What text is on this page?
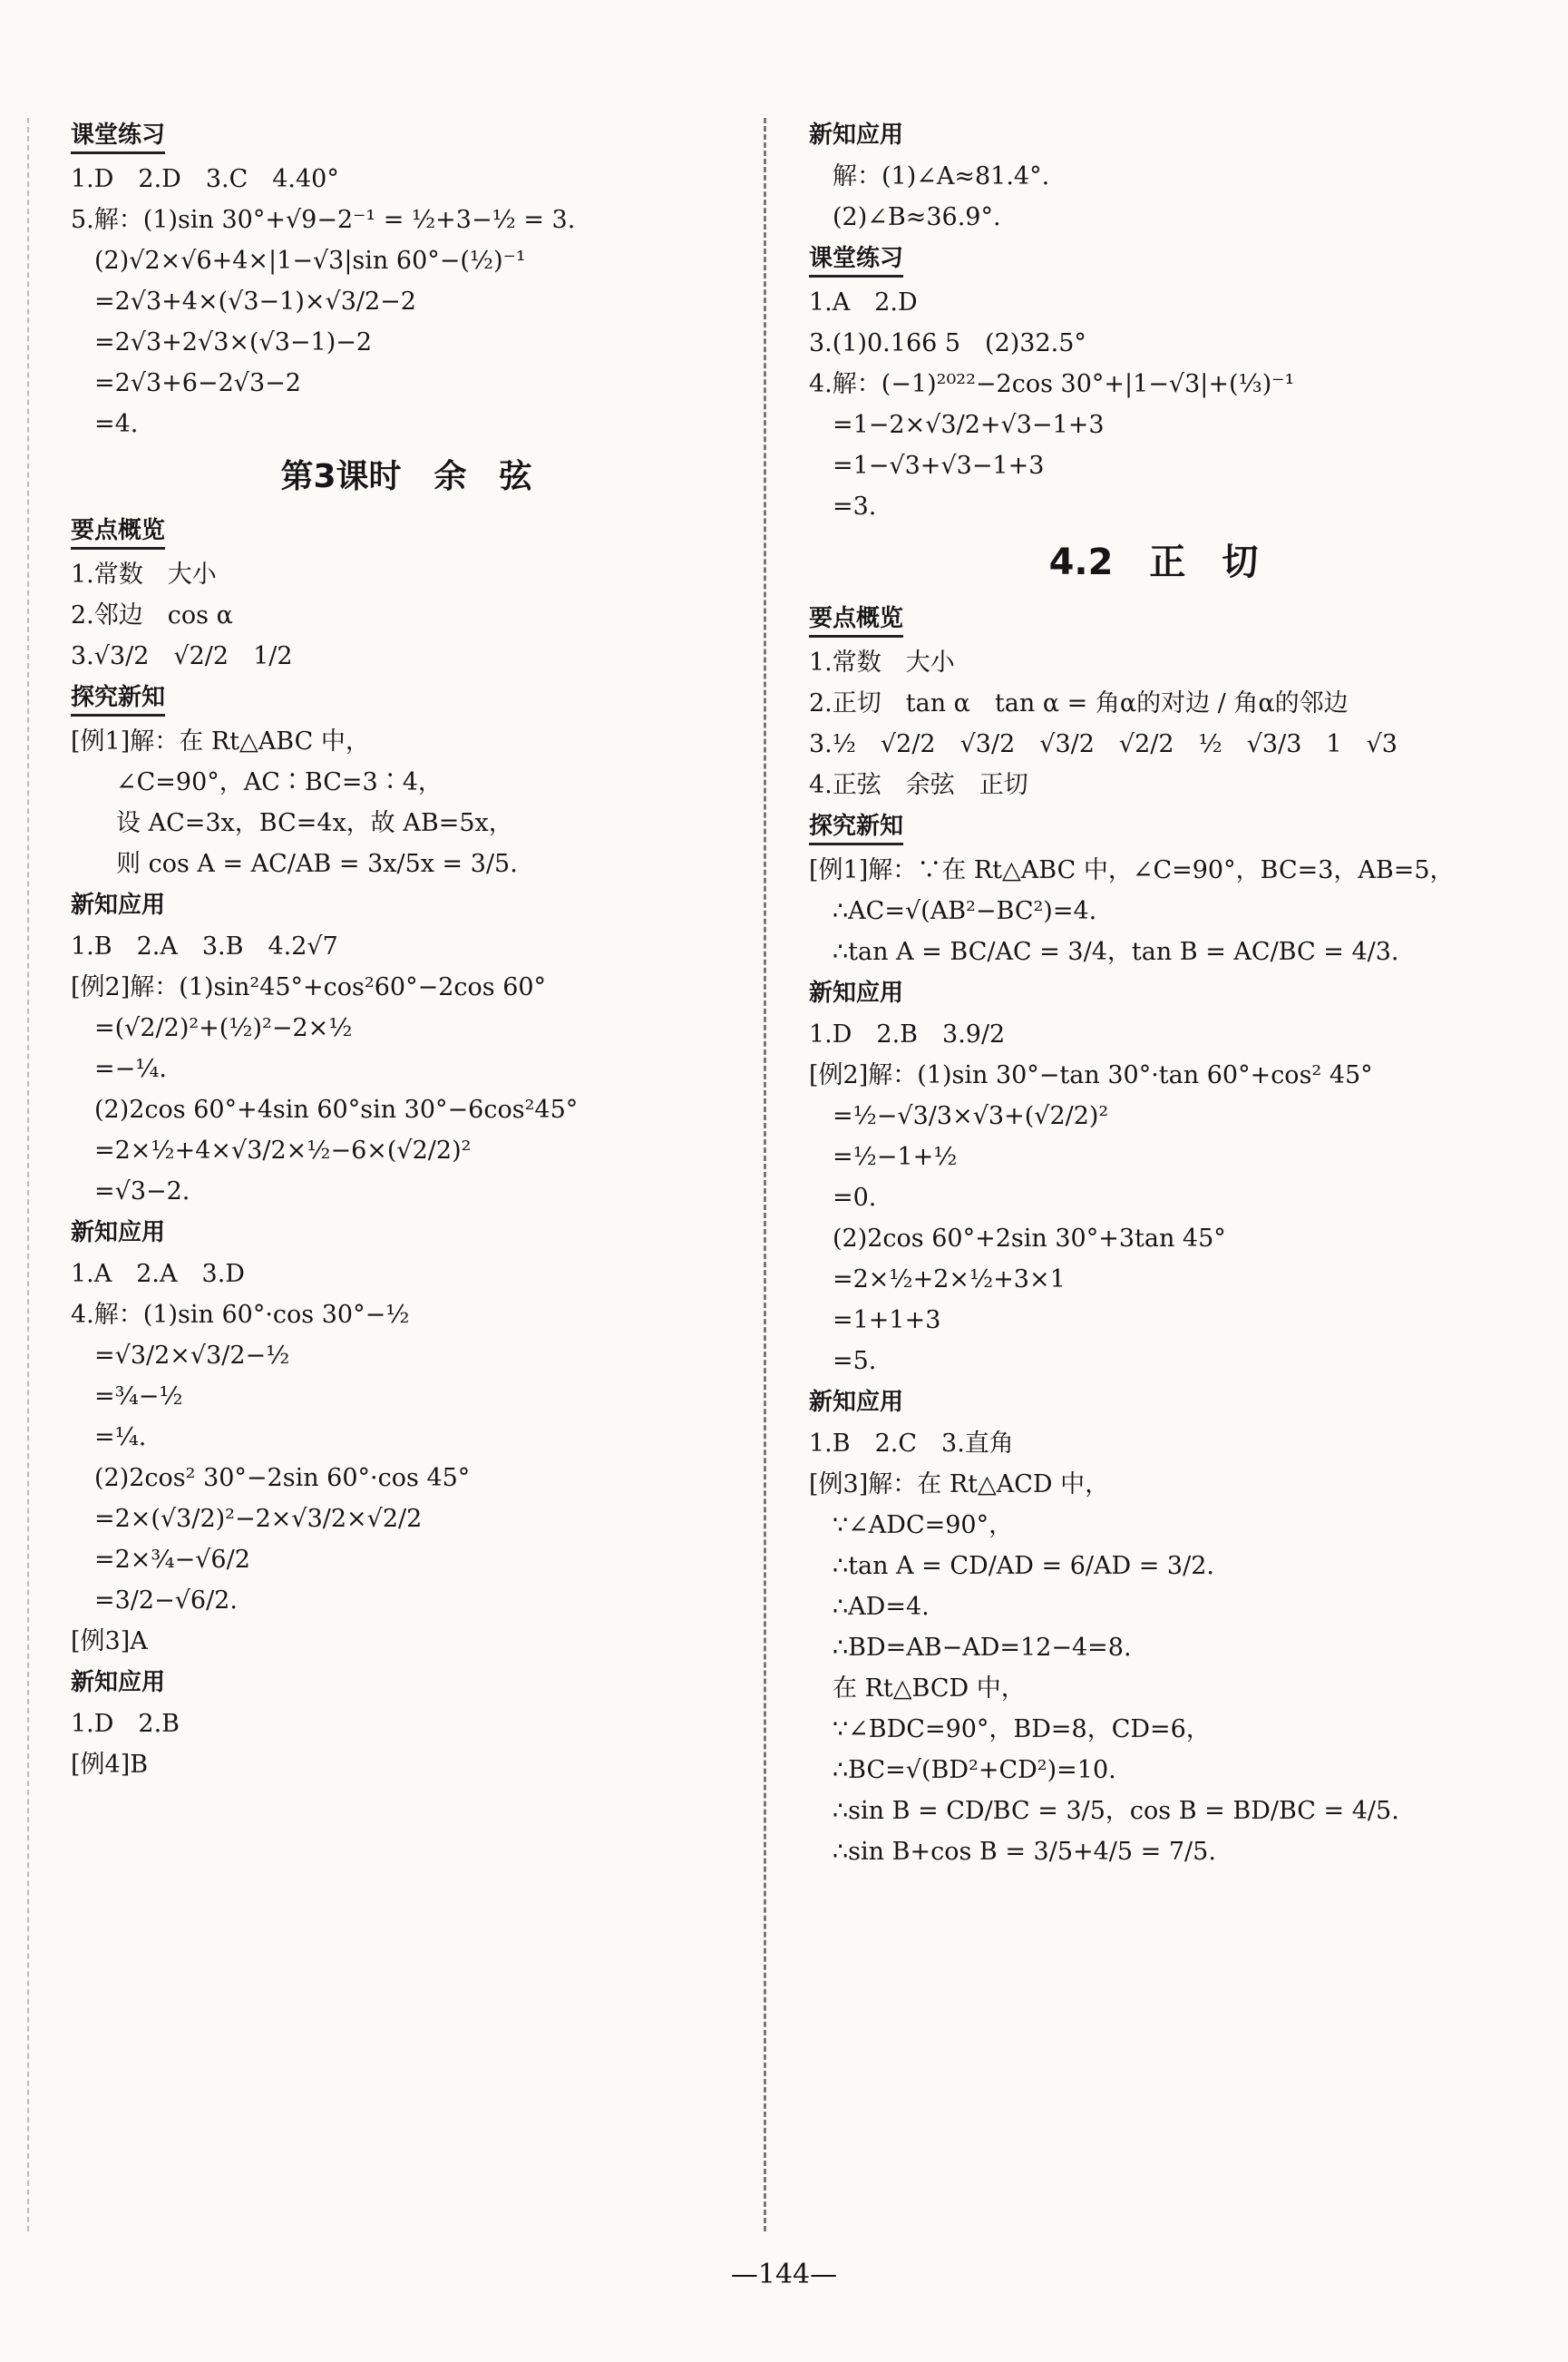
课堂练习
1.D　2.D　3.C　4.40°
5.解：(1)sin 30°+√9−2⁻¹ = ½+3−½ = 3.
(2)√2×√6+4×|1−√3|sin 60°−(½)⁻¹
=2√3+4×(√3−1)×√3/2−2
=2√3+2√3×(√3−1)−2
=2√3+6−2√3−2
=4.
第3课时　余　弦
要点概览
1.常数　大小
2.邻边　cos α
3.√3/2　√2/2　1/2
探究新知
[例1]解：在 Rt△ABC 中，
∠C=90°，AC∶BC=3∶4，
设 AC=3x，BC=4x，故 AB=5x，
则 cos A = AC/AB = 3x/5x = 3/5.
新知应用
1.B　2.A　3.B　4.2√7
[例2]解：(1)sin²45°+cos²60°−2cos 60°
=(√2/2)²+(½)²−2×½
=−¼.
(2)2cos 60°+4sin 60°sin 30°−6cos²45°
=2×½+4×√3/2×½−6×(√2/2)²
=√3−2.
新知应用
1.A　2.A　3.D
4.解：(1)sin 60°·cos 30°−½
=√3/2×√3/2−½
=¾−½
=¼.
(2)2cos² 30°−2sin 60°·cos 45°
=2×(√3/2)²−2×√3/2×√2/2
=2×¾−√6/2
=3/2−√6/2.
[例3]A
新知应用
1.D　2.B
[例4]B
新知应用
解：(1)∠A≈81.4°.
(2)∠B≈36.9°.
课堂练习
1.A　2.D
3.(1)0.166 5　(2)32.5°
4.解：(−1)²⁰²²−2cos 30°+|1−√3|+(⅓)⁻¹
=1−2×√3/2+√3−1+3
=1−√3+√3−1+3
=3.
4.2　正　切
要点概览
1.常数　大小
2.正切　tan α　tan α = 角α的对边 / 角α的邻边
3.½　√2/2　√3/2　√3/2　√2/2　½　√3/3　1　√3
4.正弦　余弦　正切
探究新知
[例1]解：∵在 Rt△ABC 中，∠C=90°，BC=3，AB=5，
∴AC=√(AB²−BC²)=4.
∴tan A = BC/AC = 3/4，tan B = AC/BC = 4/3.
新知应用
1.D　2.B　3.9/2
[例2]解：(1)sin 30°−tan 30°·tan 60°+cos² 45°
=½−√3/3×√3+(√2/2)²
=½−1+½
=0.
(2)2cos 60°+2sin 30°+3tan 45°
=2×½+2×½+3×1
=1+1+3
=5.
新知应用
1.B　2.C　3.直角
[例3]解：在 Rt△ACD 中，
∵∠ADC=90°，
∴tan A = CD/AD = 6/AD = 3/2.
∴AD=4.
∴BD=AB−AD=12−4=8.
在 Rt△BCD 中，
∵∠BDC=90°，BD=8，CD=6，
∴BC=√(BD²+CD²)=10.
∴sin B = CD/BC = 3/5，cos B = BD/BC = 4/5.
∴sin B+cos B = 3/5+4/5 = 7/5.
—144—
